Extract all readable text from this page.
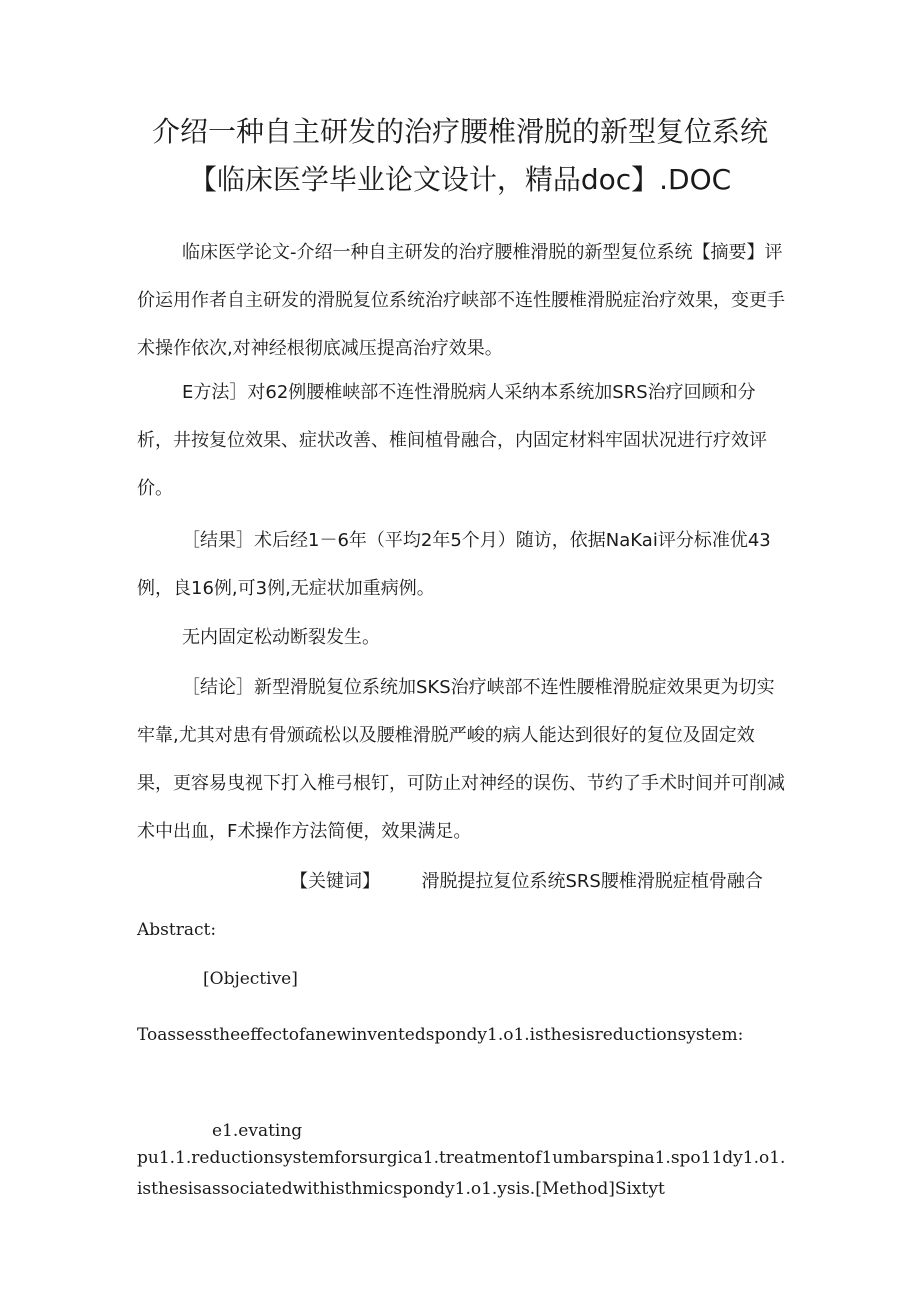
介绍一种自主研发的治疗腰椎滑脱的新型复位系统
【临床医学毕业论文设计，精品doc】.DOC

临床医学论文-介绍一种自主研发的治疗腰椎滑脱的新型复位系统【摘要】评价运用作者自主研发的滑脱复位系统治疗峡部不连性腰椎滑脱症治疗效果，变更手术操作依次,对神经根彻底减压提高治疗效果。

E方法］对62例腰椎峡部不连性滑脱病人采纳本系统加SRS治疗回顾和分析，井按复位效果、症状改善、椎间植骨融合，内固定材料牢固状况进行疗效评价。

［结果］术后经1－6年（平均2年5个月）随访，依据NaKai评分标准优43例，良16例,可3例,无症状加重病例。

无内固定松动断裂发生。

［结论］新型滑脱复位系统加SKS治疗峡部不连性腰椎滑脱症效果更为切实牢靠,尤其对患有骨颁疏松以及腰椎滑脱严峻的病人能达到很好的复位及固定效果，更容易曳视下打入椎弓根钉，可防止对神经的误伤、节约了手术时间并可削减术中出血，F术操作方法简便，效果满足。

【关键词】 滑脱提拉复位系统SRS腰椎滑脱症植骨融合

Abstract:

[Objective]

Toassesstheeffectofanewinventedspondy1.o1.isthesisreductionsystem:

e1.evating

pu1.1.reductionsystemforsurgica1.treatmentof1umbarspina1.spo11dy1.o1.isthesisassociatedwithisthmicspondy1.o1.ysis.[Method]Sixtyt
